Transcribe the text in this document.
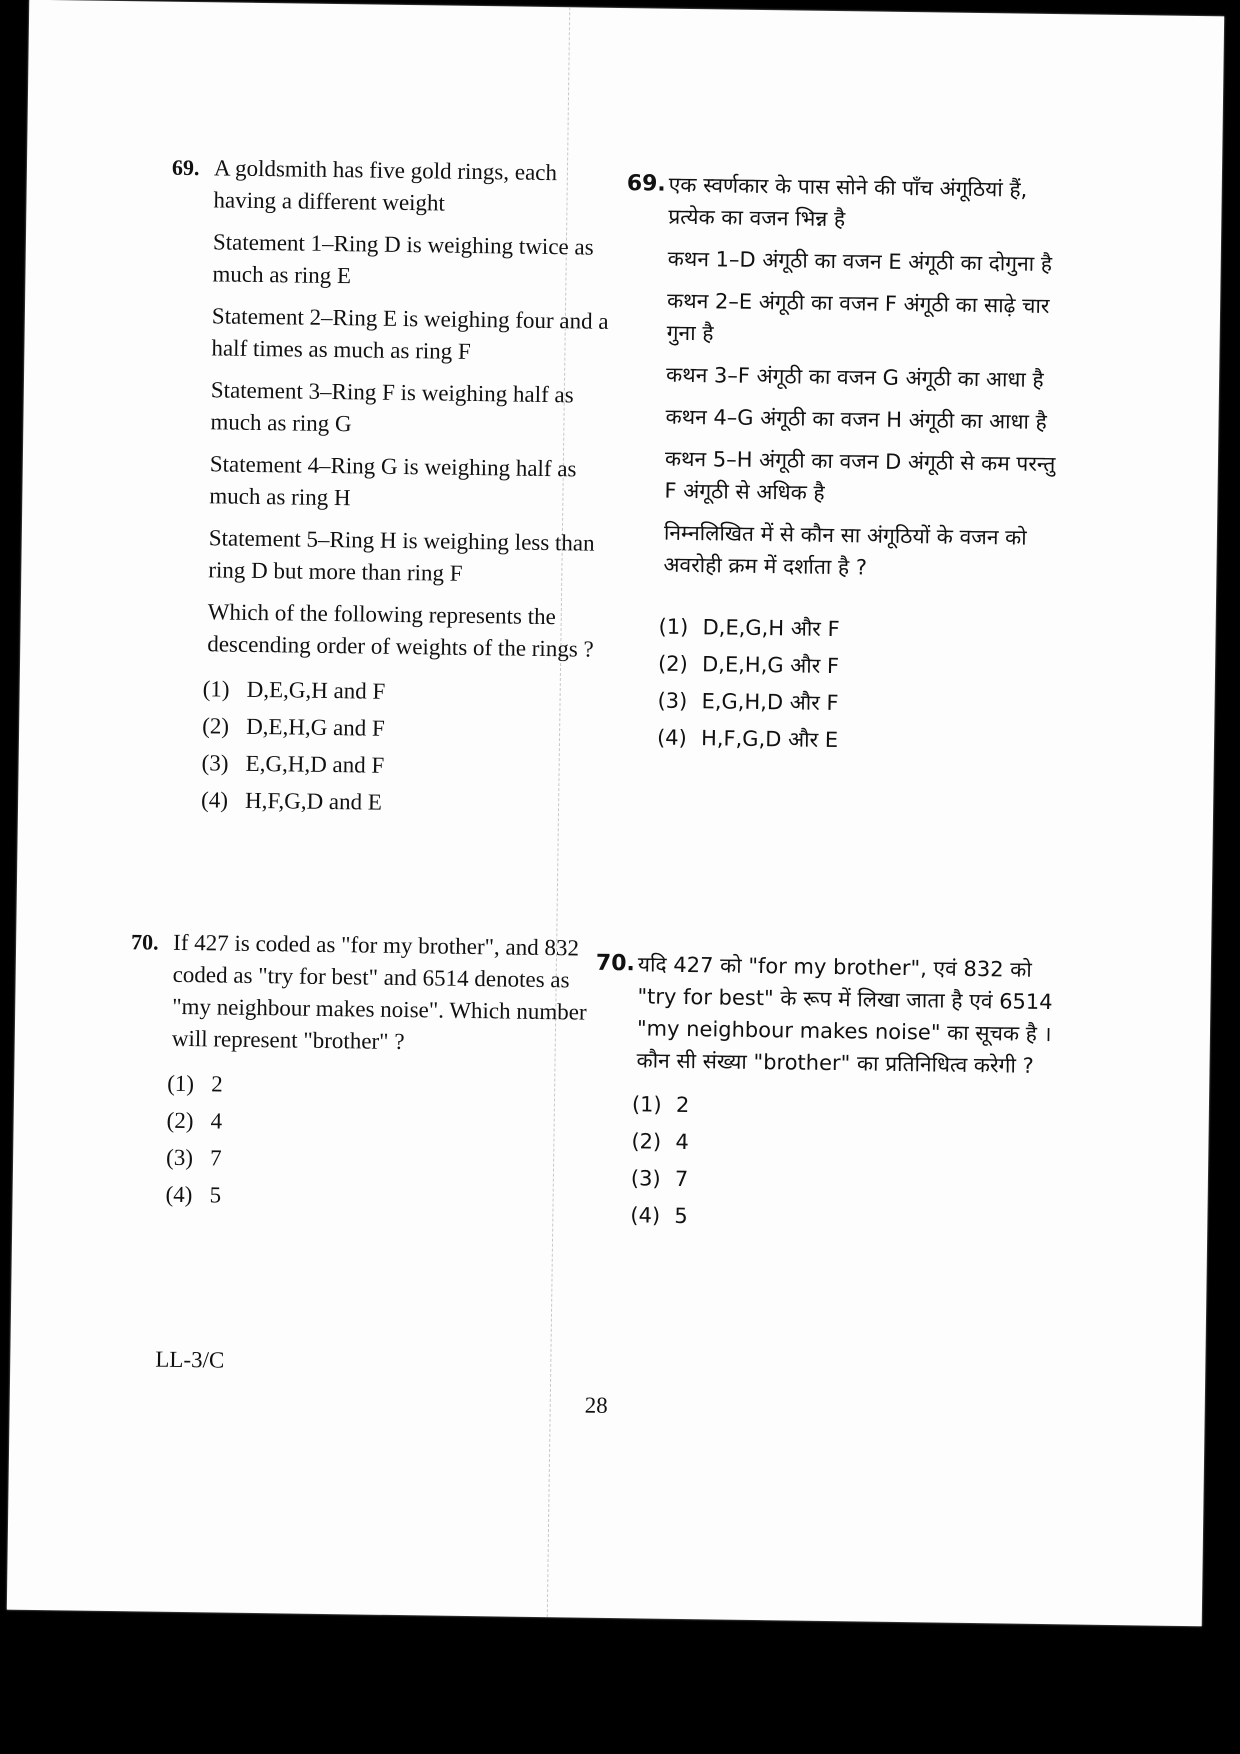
69. A goldsmith has five gold rings, each having a different weight
Statement 1–Ring D is weighing twice as much as ring E
Statement 2–Ring E is weighing four and a half times as much as ring F
Statement 3–Ring F is weighing half as much as ring G
Statement 4–Ring G is weighing half as much as ring H
Statement 5–Ring H is weighing less than ring D but more than ring F
Which of the following represents the descending order of weights of the rings ?
(1) D,E,G,H and F
(2) D,E,H,G and F
(3) E,G,H,D and F
(4) H,F,G,D and E
70. If 427 is coded as "for my brother", and 832 coded as "try for best" and 6514 denotes as "my neighbour makes noise". Which number will represent "brother" ?
(1) 2
(2) 4
(3) 7
(4) 5
69. एक स्वर्णकार के पास सोने की पाँच अंगूठियां हैं, प्रत्येक का वजन भिन्न है
कथन 1–D अंगूठी का वजन E अंगूठी का दोगुना है
कथन 2–E अंगूठी का वजन F अंगूठी का साढ़े चार गुना है
कथन 3–F अंगूठी का वजन G अंगूठी का आधा है
कथन 4–G अंगूठी का वजन H अंगूठी का आधा है
कथन 5–H अंगूठी का वजन D अंगूठी से कम परन्तु F अंगूठी से अधिक है
निम्नलिखित में से कौन सा अंगूठियों के वजन को अवरोही क्रम में दर्शाता है ?
(1) D,E,G,H और F
(2) D,E,H,G और F
(3) E,G,H,D और F
(4) H,F,G,D और E
70. यदि 427 को "for my brother", एवं 832 को "try for best" के रूप में लिखा जाता है एवं 6514 "my neighbour makes noise" का सूचक है । कौन सी संख्या "brother" का प्रतिनिधित्व करेगी ?
(1) 2
(2) 4
(3) 7
(4) 5
LL-3/C
28
